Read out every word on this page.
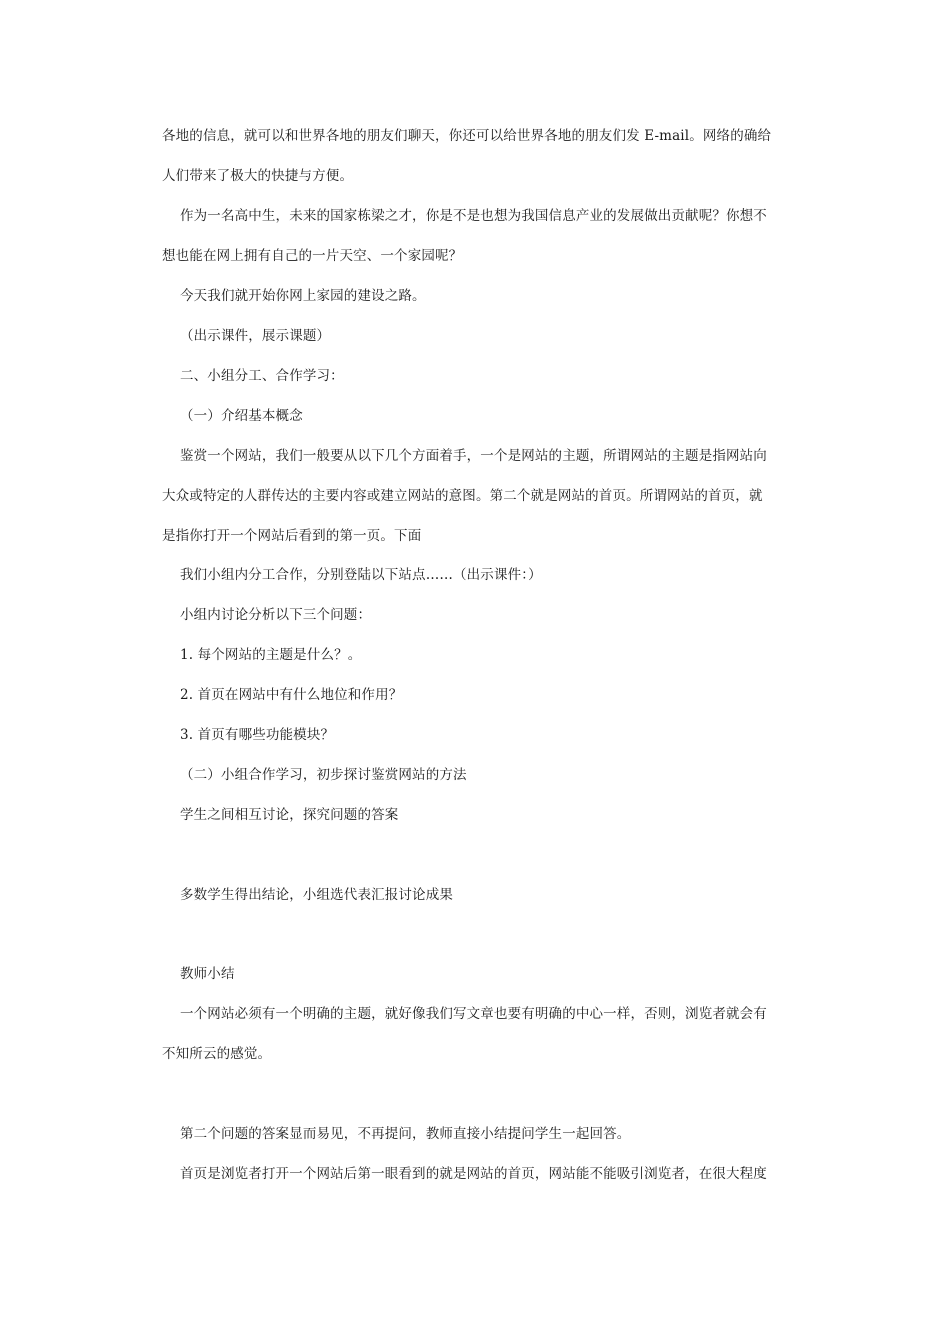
各地的信息，就可以和世界各地的朋友们聊天，你还可以给世界各地的朋友们发 E-mail。网络的确给
人们带来了极大的快捷与方便。
作为一名高中生，未来的国家栋梁之才，你是不是也想为我国信息产业的发展做出贡献呢？你想不
想也能在网上拥有自己的一片天空、一个家园呢？
今天我们就开始你网上家园的建设之路。
（出示课件，展示课题）
二、小组分工、合作学习：
（一）介绍基本概念
鉴赏一个网站，我们一般要从以下几个方面着手，一个是网站的主题，所谓网站的主题是指网站向
大众或特定的人群传达的主要内容或建立网站的意图。第二个就是网站的首页。所谓网站的首页，就
是指你打开一个网站后看到的第一页。下面
我们小组内分工合作，分别登陆以下站点……（出示课件：）
小组内讨论分析以下三个问题：
1. 每个网站的主题是什么？。
2. 首页在网站中有什么地位和作用？
3. 首页有哪些功能模块？
（二）小组合作学习，初步探讨鉴赏网站的方法
学生之间相互讨论，探究问题的答案
多数学生得出结论，小组选代表汇报讨论成果
教师小结
一个网站必须有一个明确的主题，就好像我们写文章也要有明确的中心一样，否则，浏览者就会有
不知所云的感觉。
第二个问题的答案显而易见，不再提问，教师直接小结提问学生一起回答。
首页是浏览者打开一个网站后第一眼看到的就是网站的首页，网站能不能吸引浏览者，在很大程度
